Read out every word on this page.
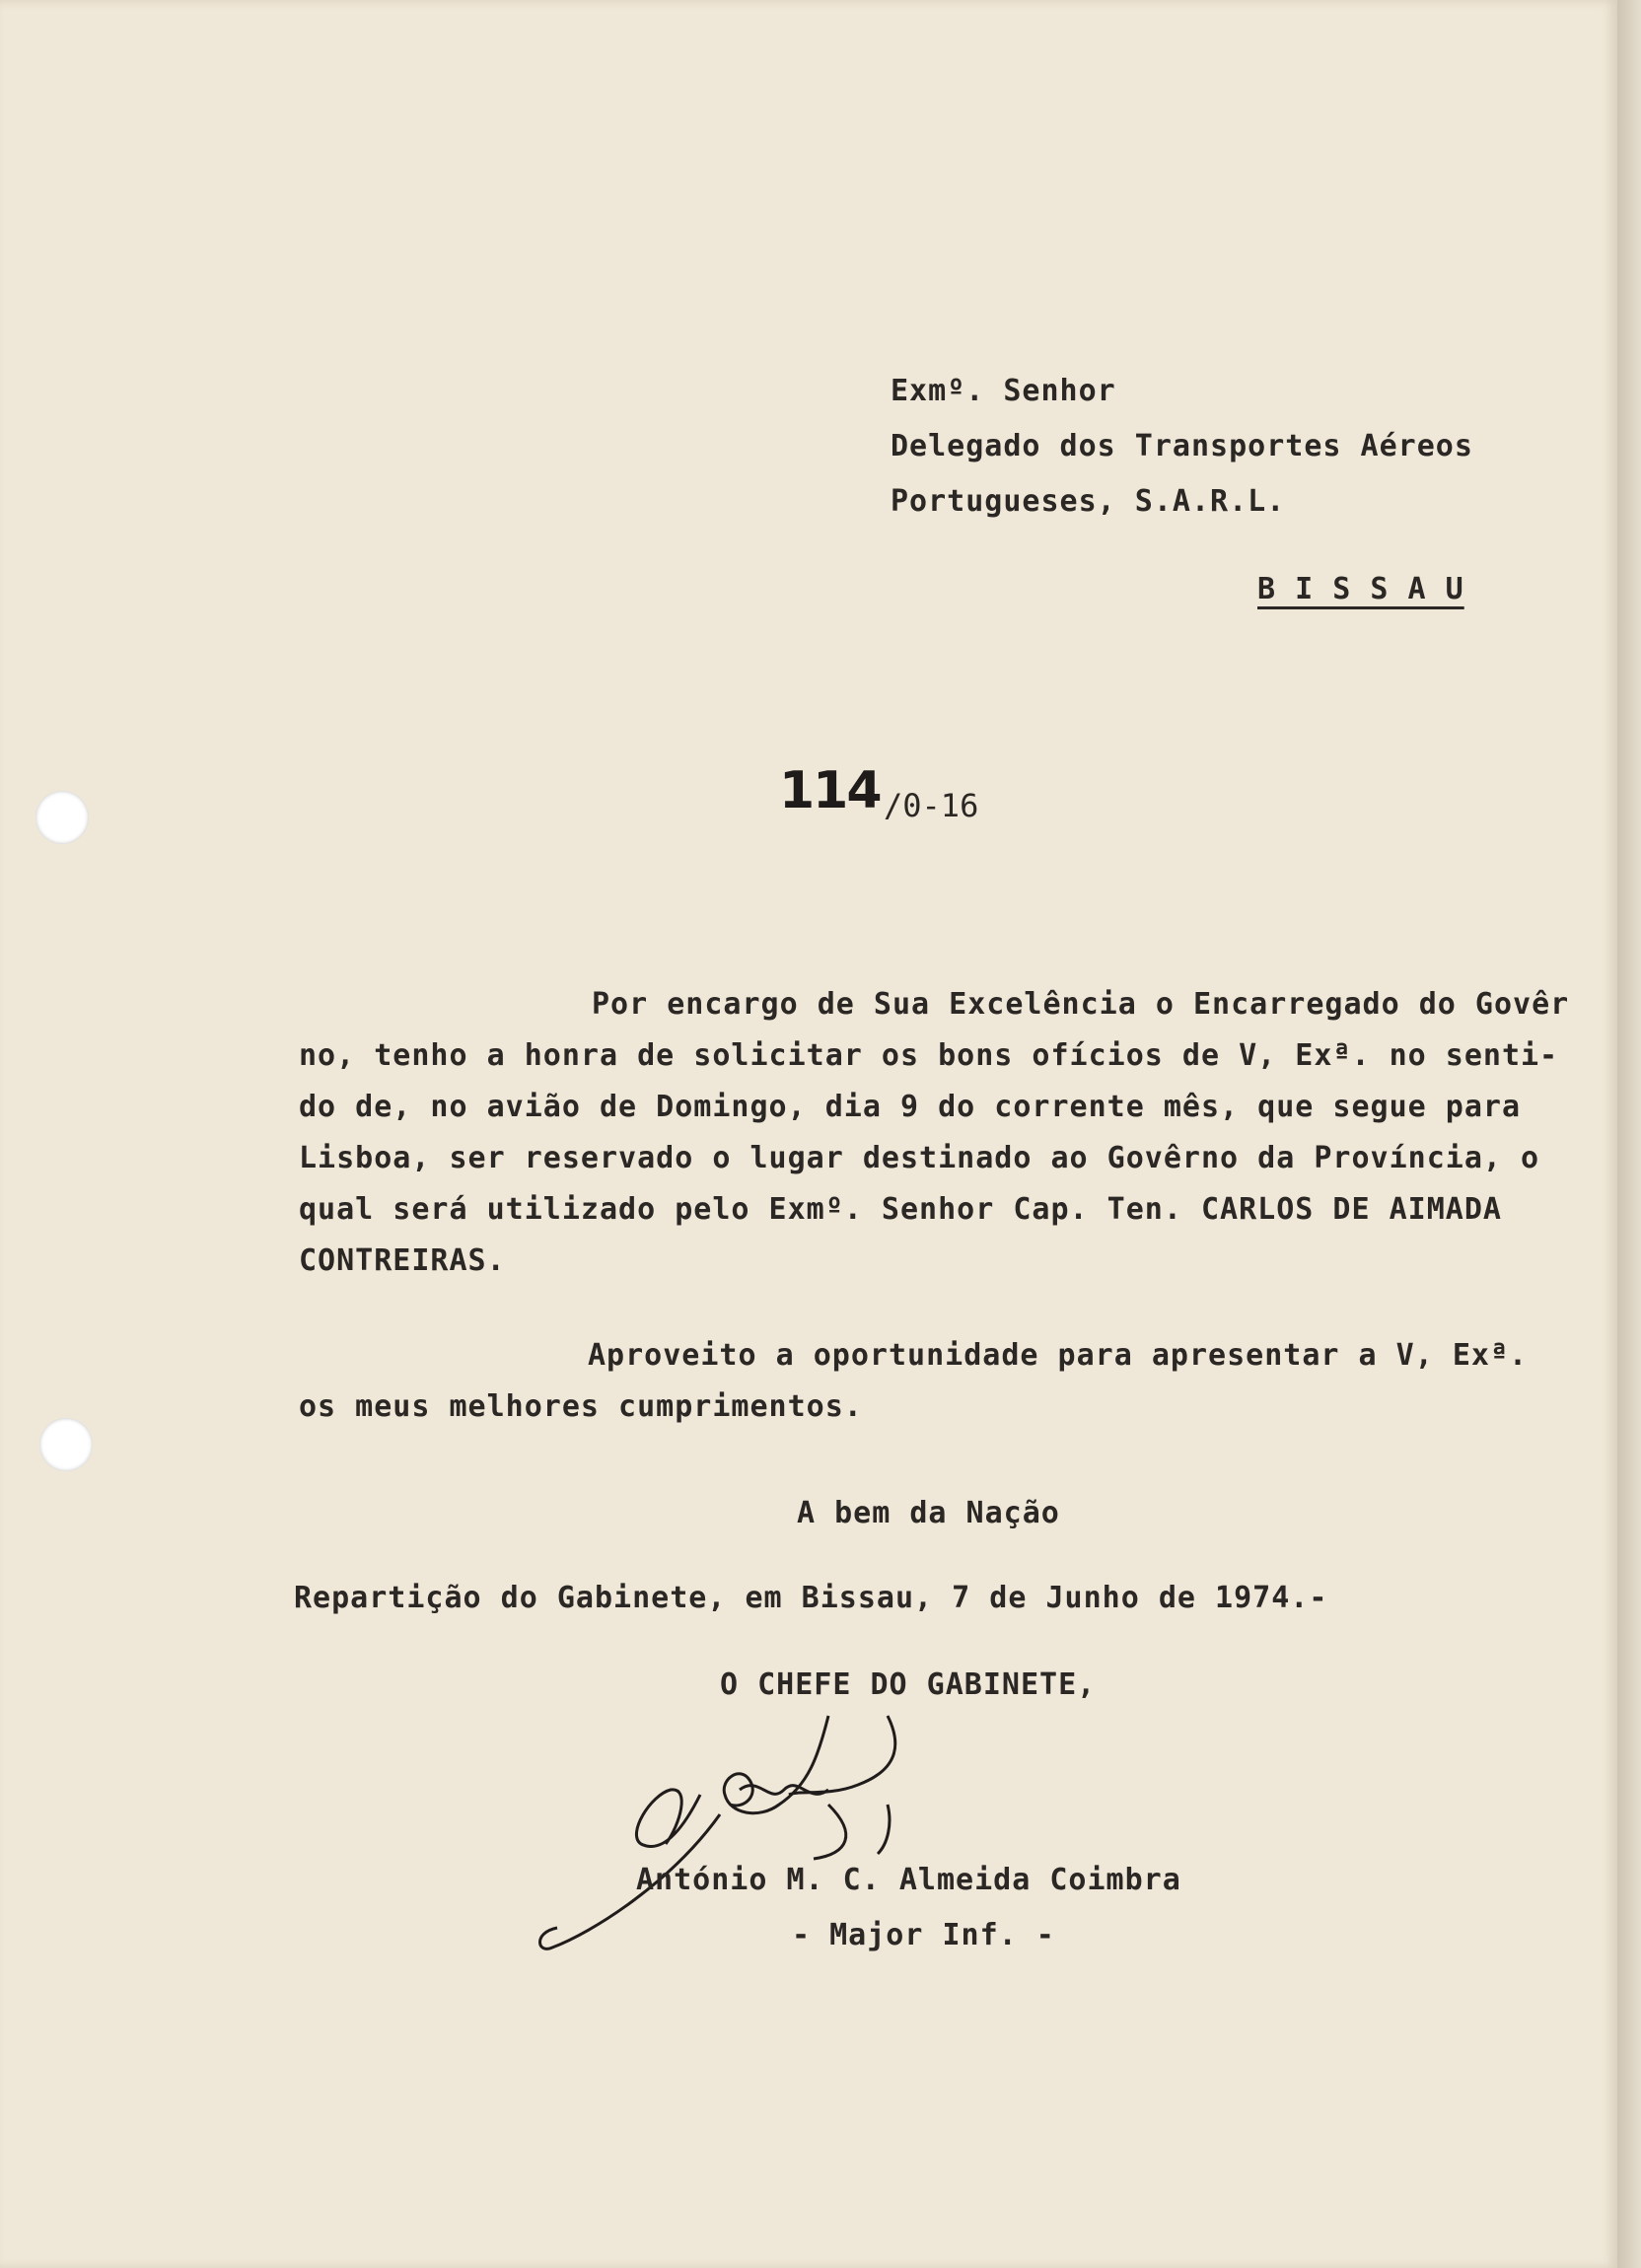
Exmº. Senhor
Delegado dos Transportes Aéreos
Portugueses, S.A.R.L.
B I S S A U
114 /0-16
Por encargo de Sua Excelência o Encarregado do Govêr
no, tenho a honra de solicitar os bons ofícios de V, Exª. no senti-
do de, no avião de Domingo, dia 9 do corrente mês, que segue para
Lisboa, ser reservado o lugar destinado ao Govêrno da Província, o
qual será utilizado pelo Exmº. Senhor Cap. Ten. CARLOS DE AIMADA
CONTREIRAS.
Aproveito a oportunidade para apresentar a V, Exª.
os meus melhores cumprimentos.
A bem da Nação
Repartição do Gabinete, em Bissau, 7 de Junho de 1974.-
O CHEFE DO GABINETE,
António M. C. Almeida Coimbra
- Major Inf. -
